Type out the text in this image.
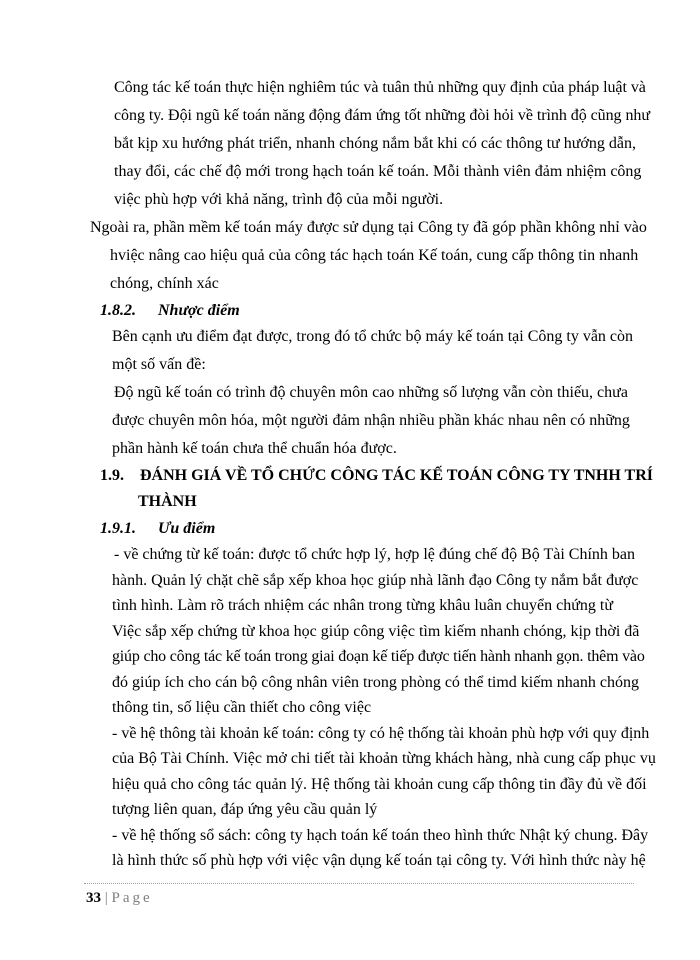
Công tác kế toán thực hiện nghiêm túc và tuân thủ những quy định của pháp luật và
công ty. Đội ngũ kế toán năng động đám ứng tốt những đòi hỏi về trình độ cũng như
bắt kịp xu hướng phát triển, nhanh chóng nắm bắt khi có các thông tư hướng dẫn,
thay đổi, các chế độ mới trong hạch toán kế toán. Mỗi thành viên đảm nhiệm công
việc phù hợp với khả năng, trình độ của mỗi người.
Ngoài ra, phần mềm kế toán máy được sử dụng tại Công ty đã góp phần không nhỉ vào
hviệc nâng cao hiệu quả của công tác hạch toán Kế toán, cung cấp thông tin nhanh
chóng, chính xác
1.8.2. Nhược điểm
Bên cạnh ưu điểm đạt được, trong đó tổ chức bộ máy kế toán tại Công ty vẫn còn
một số vấn đề:
Độ ngũ kế toán có trình độ chuyên môn cao những số lượng vẫn còn thiếu, chưa
được chuyên môn hóa, một người đảm nhận nhiều phần khác nhau nên có những
phần hành kế toán chưa thể chuẩn hóa được.
1.9. ĐÁNH GIÁ VỀ TỔ CHỨC CÔNG TÁC KẾ TOÁN CÔNG TY TNHH TRÍ
THÀNH
1.9.1. Ưu điểm
- về chứng từ kế toán: được tổ chức hợp lý, hợp lệ đúng chế độ Bộ Tài Chính ban
hành. Quản lý chặt chẽ sắp xếp khoa học giúp nhà lãnh đạo Công ty nắm bắt được
tình hình. Làm rõ trách nhiệm các nhân trong từng khâu luân chuyển chứng từ
Việc sắp xếp chứng từ khoa học giúp công việc tìm kiếm nhanh chóng, kịp thời đã
giúp cho công tác kế toán trong giai đoạn kế tiếp được tiến hành nhanh gọn. thêm vào
đó giúp ích cho cán bộ công nhân viên trong phòng có thể timd kiếm nhanh chóng
thông tin, số liệu cần thiết cho công việc
- về hệ thông tài khoản kế toán: công ty có hệ thống tài khoản phù hợp với quy định
của Bộ Tài Chính. Việc mở chi tiết tài khoản từng khách hàng, nhà cung cấp phục vụ
hiệu quả cho công tác quản lý. Hệ thống tài khoản cung cấp thông tin đầy đủ về đối
tượng liên quan, đáp ứng yêu cầu quản lý
- về hệ thống sổ sách: công ty hạch toán kế toán theo hình thức Nhật ký chung. Đây
là hình thức số phù hợp với việc vận dụng kế toán tại công ty. Với hình thức này hệ
33 | Page
